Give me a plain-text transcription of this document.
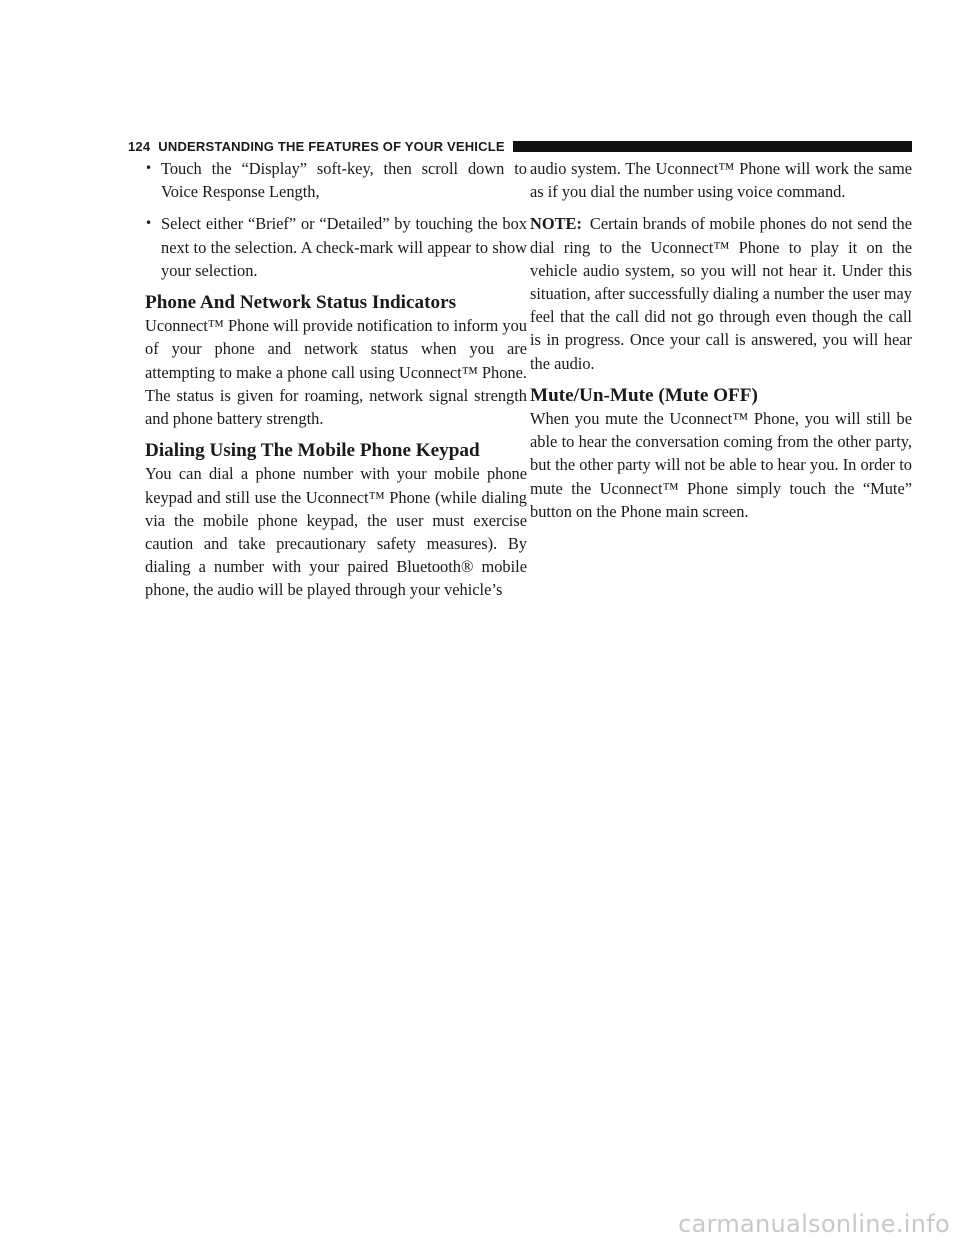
124 UNDERSTANDING THE FEATURES OF YOUR VEHICLE
• Touch the “Display” soft-key, then scroll down to Voice Response Length,
• Select either “Brief” or “Detailed” by touching the box next to the selection. A check-mark will appear to show your selection.
Phone And Network Status Indicators

Uconnect™ Phone will provide notification to inform you of your phone and network status when you are attempting to make a phone call using Uconnect™ Phone. The status is given for roaming, network signal strength and phone battery strength.

Dialing Using The Mobile Phone Keypad

You can dial a phone number with your mobile phone keypad and still use the Uconnect™ Phone (while dialing via the mobile phone keypad, the user must exercise caution and take precautionary safety measures). By dialing a number with your paired Bluetooth® mobile phone, the audio will be played through your vehicle’s

audio system. The Uconnect™ Phone will work the same as if you dial the number using voice command.

NOTE: Certain brands of mobile phones do not send the dial ring to the Uconnect™ Phone to play it on the vehicle audio system, so you will not hear it. Under this situation, after successfully dialing a number the user may feel that the call did not go through even though the call is in progress. Once your call is answered, you will hear the audio.

Mute/Un-Mute (Mute OFF)

When you mute the Uconnect™ Phone, you will still be able to hear the conversation coming from the other party, but the other party will not be able to hear you. In order to mute the Uconnect™ Phone simply touch the “Mute” button on the Phone main screen.

carmanualsonline.info
